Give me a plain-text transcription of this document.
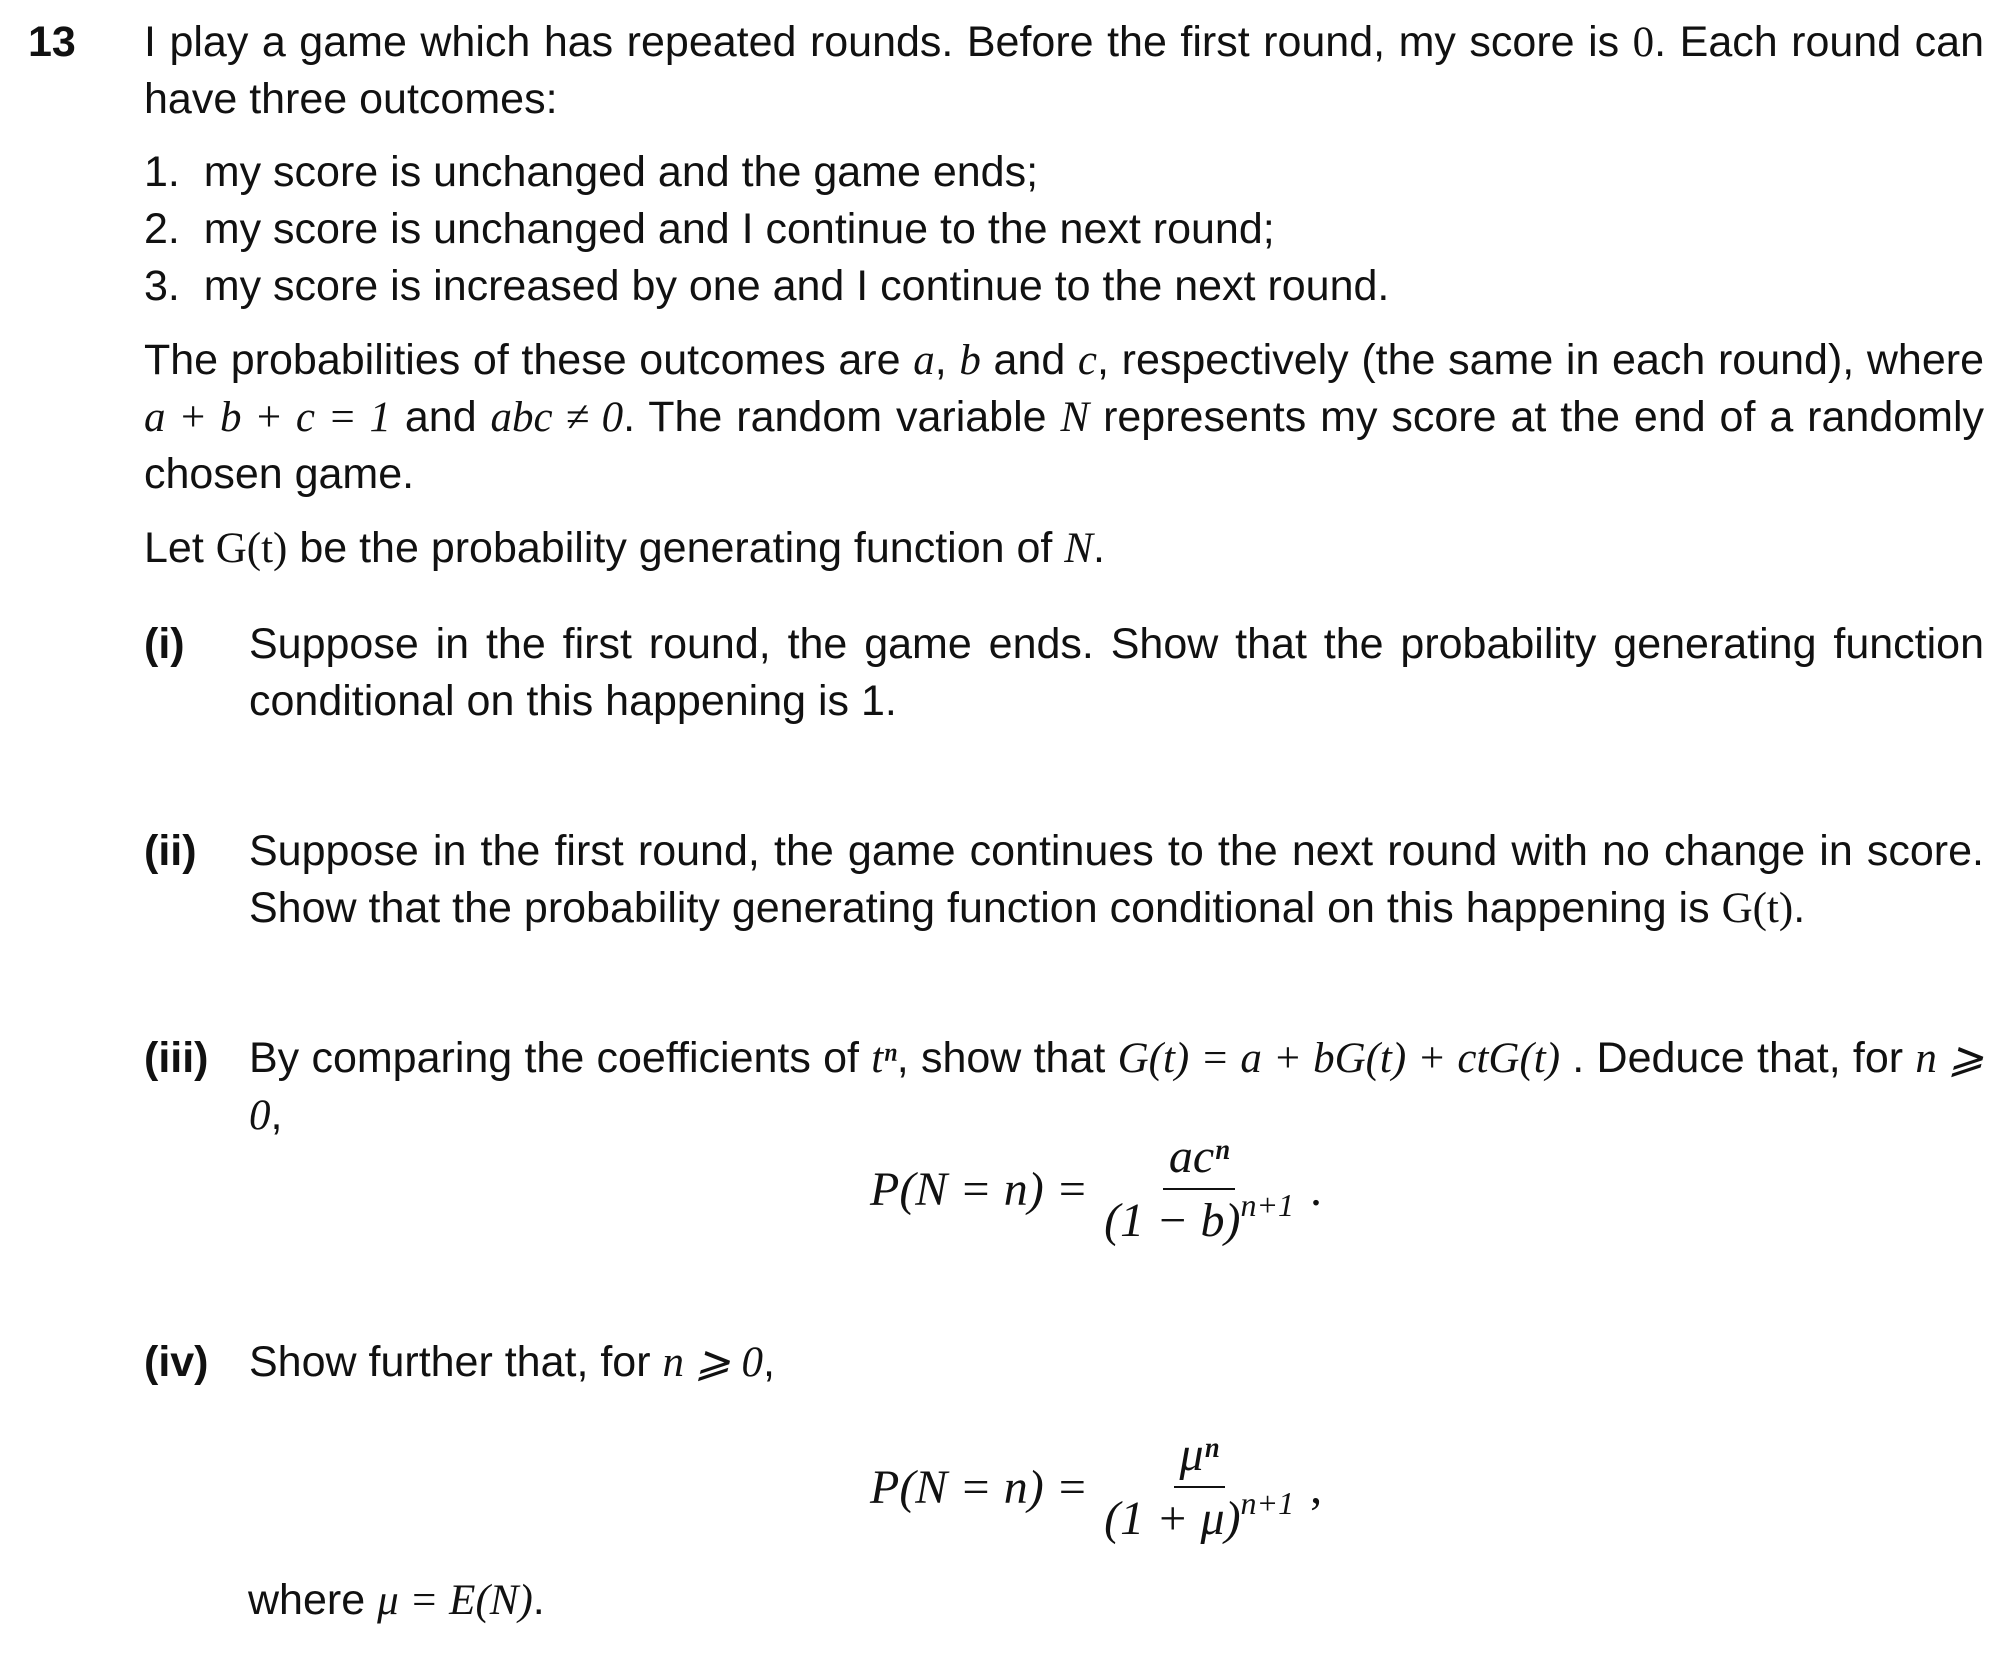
13 I play a game which has repeated rounds. Before the first round, my score is 0. Each round can have three outcomes:
1. my score is unchanged and the game ends;
2. my score is unchanged and I continue to the next round;
3. my score is increased by one and I continue to the next round.
The probabilities of these outcomes are a, b and c, respectively (the same in each round), where a + b + c = 1 and abc ≠ 0. The random variable N represents my score at the end of a randomly chosen game.
Let G(t) be the probability generating function of N.
(i) Suppose in the first round, the game ends. Show that the probability generating function conditional on this happening is 1.
(ii) Suppose in the first round, the game continues to the next round with no change in score. Show that the probability generating function conditional on this happening is G(t).
(iii) By comparing the coefficients of tⁿ, show that G(t) = a + bG(t) + ctG(t) . Deduce that, for n ⩾ 0,
$P(N = n) = \frac{\text{acⁿ}}{(1 - b)^{n+1}}$ .
(iv) Show further that, for n ⩾ 0,
$P(N = n) = \frac{\text{μⁿ}}{(1 + \mu)^{n+1}}$ ,
where μ = E(N).
